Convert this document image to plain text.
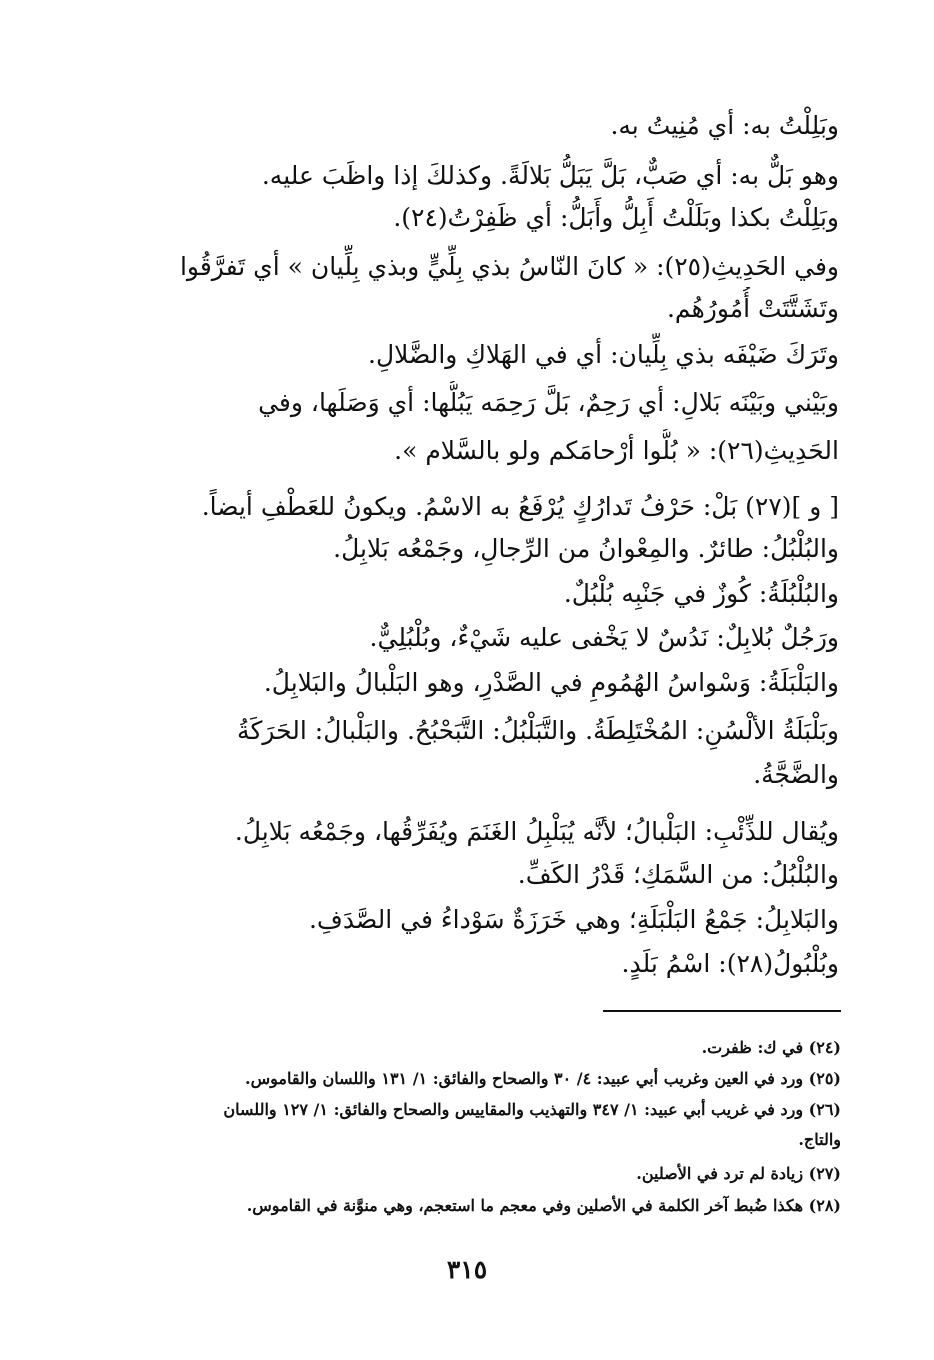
وبَلِلْتُ به: أي مُنِيتُ به.
وهو بَلٌّ به: أي صَبٌّ، بَلَّ يَبَلُّ بَلالَةً. وكذلكَ إذا واظَبَ عليه.
وبَلِلْتُ بكذا وبَلَلْتُ أَبِلُّ وأَبَلُّ: أي ظَفِرْتُ(٢٤).
وفي الحَدِيثِ(٢٥): « كانَ النّاسُ بذي بِلِّيٍّ وبذي بِلِّيان » أي تَفرَّقُوا
وتَشَتَّتَتْ أُمُورُهُم.
وتَرَكَ ضَيْفَه بذي بِلِّيان: أي في الهَلاكِ والضَّلالِ.
وبَيْني وبَيْنَه بَلالِ: أي رَحِمٌ، بَلَّ رَحِمَه يَبُلُّها: أي وَصَلَها، وفي
الحَدِيثِ(٢٦): « بُلُّوا أرْحامَكم ولو بالسَّلام ».
[ و ](٢٧) بَلْ: حَرْفُ تَدارُكٍ يُرْفَعُ به الاسْمُ. ويكونُ للعَطْفِ أيضاً.
والبُلْبُلُ: طائرٌ. والمِعْوانُ من الرِّجالِ، وجَمْعُه بَلابِلُ.
والبُلْبُلَةُ: كُوزٌ في جَنْبِه بُلْبُلٌ.
ورَجُلٌ بُلابِلٌ: نَدُسٌ لا يَخْفى عليه شَيْءٌ، وبُلْبُلِيٌّ.
والبَلْبَلَةُ: وَسْواسُ الهُمُومِ في الصَّدْرِ، وهو البَلْبالُ والبَلابِلُ.
وبَلْبَلَةُ الألْسُنِ: المُخْتَلِطَةُ. والتَّبَلْبُلُ: التَّبَحْبُحُ. والبَلْبالُ: الحَرَكَةُ
والضَّجَّةُ.
ويُقال للذِّئْبِ: البَلْبالُ؛ لأنَّه يُبَلْبِلُ الغَنَمَ ويُفَرِّقُها، وجَمْعُه بَلابِلُ.
والبُلْبُلُ: من السَّمَكِ؛ قَدْرُ الكَفِّ.
والبَلابِلُ: جَمْعُ البَلْبَلَةِ؛ وهي خَرَزَةٌ سَوْداءُ في الصَّدَفِ.
وبُلْبُولُ(٢٨): اسْمُ بَلَدٍ.
(٢٤) في ك: ظفرت.
(٢٥) ورد في العين وغريب أبي عبيد: ٤/ ٣٠ والصحاح والفائق: ١/ ١٣١ واللسان والقاموس.
(٢٦) ورد في غريب أبي عبيد: ١/ ٣٤٧ والتهذيب والمقاييس والصحاح والفائق: ١/ ١٢٧ واللسان
والتاج.
(٢٧) زيادة لم ترد في الأصلين.
(٢٨) هكذا ضُبط آخر الكلمة في الأصلين وفي معجم ما استعجم، وهي منوَّنة في القاموس.
٣١٥
